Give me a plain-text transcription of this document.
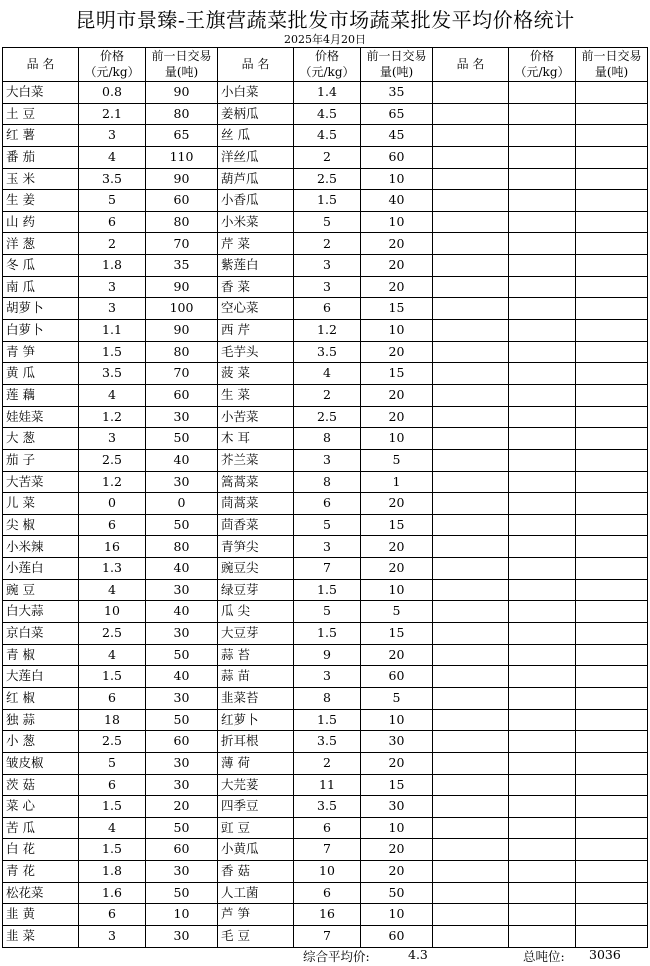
昆明市景臻-王旗营蔬菜批发市场蔬菜批发平均价格统计
2025年4月20日
品 名	价格（元/kg）	前一日交易量(吨)	品 名	价格（元/kg）	前一日交易量(吨)	品 名	价格（元/kg）	前一日交易量(吨)
大白菜	0.8	90	小白菜	1.4	35			
土 豆	2.1	80	姜柄瓜	4.5	65			
红 薯	3	65	丝 瓜	4.5	45			
番 茄	4	110	洋丝瓜	2	60			
玉 米	3.5	90	葫芦瓜	2.5	10			
生 姜	5	60	小香瓜	1.5	40			
山 药	6	80	小米菜	5	10			
洋 葱	2	70	芹 菜	2	20			
冬 瓜	1.8	35	紫莲白	3	20			
南 瓜	3	90	香 菜	3	20			
胡萝卜	3	100	空心菜	6	15			
白萝卜	1.1	90	西 芹	1.2	10			
青 笋	1.5	80	毛芋头	3.5	20			
黄 瓜	3.5	70	菠 菜	4	15			
莲 藕	4	60	生 菜	2	20			
娃娃菜	1.2	30	小苦菜	2.5	20			
大 葱	3	50	木 耳	8	10			
茄 子	2.5	40	芥兰菜	3	5			
大苦菜	1.2	30	篙蒿菜	8	1			
儿 菜	0	0	茼蒿菜	6	20			
尖 椒	6	50	茴香菜	5	15			
小米辣	16	80	青笋尖	3	20			
小莲白	1.3	40	豌豆尖	7	20			
豌 豆	4	30	绿豆芽	1.5	10			
白大蒜	10	40	瓜 尖	5	5			
京白菜	2.5	30	大豆芽	1.5	15			
青 椒	4	50	蒜 苔	9	20			
大莲白	1.5	40	蒜 苗	3	60			
红 椒	6	30	韭菜苔	8	5			
独 蒜	18	50	红萝卜	1.5	10			
小 葱	2.5	60	折耳根	3.5	30			
皱皮椒	5	30	薄 荷	2	20			
茨 菇	6	30	大芫荽	11	15			
菜 心	1.5	20	四季豆	3.5	30			
苦 瓜	4	50	豇 豆	6	10			
白 花	1.5	60	小黄瓜	7	20			
青 花	1.8	30	香 菇	10	20			
松花菜	1.6	50	人工菌	6	50			
韭 黄	6	10	芦 笋	16	10			
韭 菜	3	30	毛 豆	7	60			
综合平均价:	4.3	总吨位: 3036
